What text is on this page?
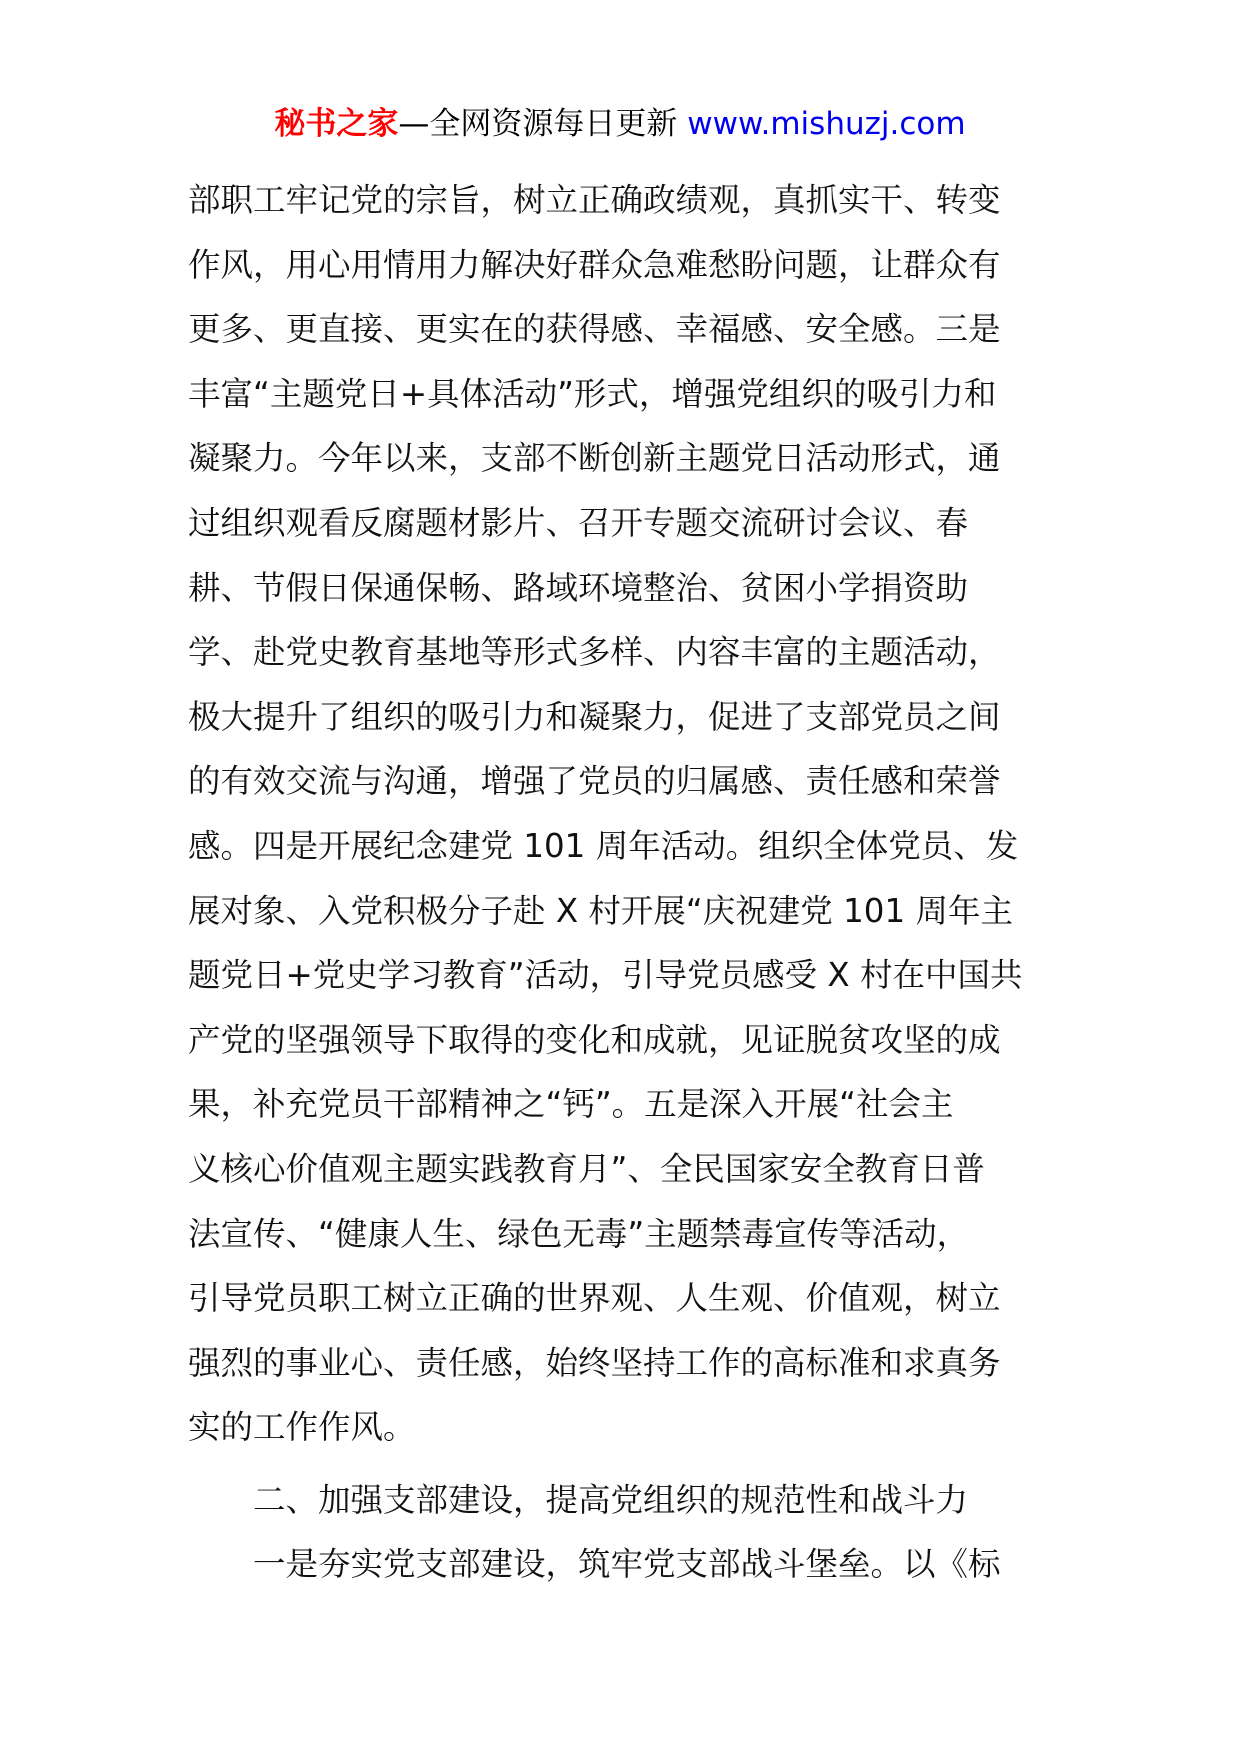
秘书之家—全网资源每日更新 www.mishuzj.com
部职工牢记党的宗旨，树立正确政绩观，真抓实干、转变
作风，用心用情用力解决好群众急难愁盼问题，让群众有
更多、更直接、更实在的获得感、幸福感、安全感。三是
丰富“主题党日+具体活动”形式，增强党组织的吸引力和
凝聚力。今年以来，支部不断创新主题党日活动形式，通
过组织观看反腐题材影片、召开专题交流研讨会议、春
耕、节假日保通保畅、路域环境整治、贫困小学捐资助
学、赴党史教育基地等形式多样、内容丰富的主题活动，
极大提升了组织的吸引力和凝聚力，促进了支部党员之间
的有效交流与沟通，增强了党员的归属感、责任感和荣誉
感。四是开展纪念建党 101 周年活动。组织全体党员、发
展对象、入党积极分子赴 X 村开展“庆祝建党 101 周年主
题党日+党史学习教育”活动，引导党员感受 X 村在中国共
产党的坚强领导下取得的变化和成就，见证脱贫攻坚的成
果，补充党员干部精神之“钙”。五是深入开展“社会主
义核心价值观主题实践教育月”、全民国家安全教育日普
法宣传、“健康人生、绿色无毒”主题禁毒宣传等活动，
引导党员职工树立正确的世界观、人生观、价值观，树立
强烈的事业心、责任感，始终坚持工作的高标准和求真务
实的工作作风。
二、加强支部建设，提高党组织的规范性和战斗力
一是夯实党支部建设，筑牢党支部战斗堡垒。以《标
